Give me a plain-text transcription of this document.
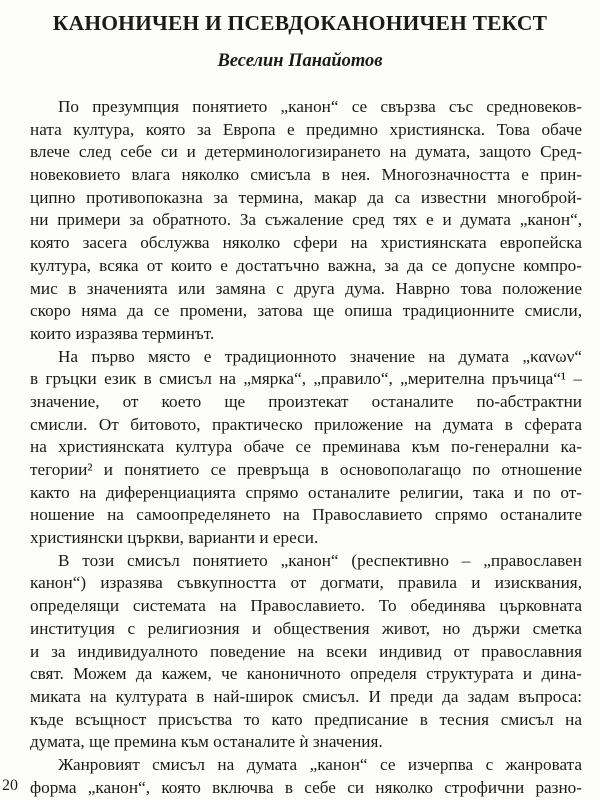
КАНОНИЧЕН И ПСЕВДОКАНОНИЧЕН ТЕКСТ
Веселин Панайотов
По презумпция понятието „канон“ се свързва със средновеков-
ната култура, която за Европа е предимно християнска. Това обаче
влече след себе си и детерминологизирането на думата, защото Сред-
новековието влага няколко смисъла в нея. Многозначността е прин-
ципно противопоказна за термина, макар да са известни многоброй-
ни примери за обратното. За съжаление сред тях е и думата „канон“,
която засега обслужва няколко сфери на християнската европейска
култура, всяка от които е достатъчно важна, за да се допусне компро-
мис в значенията или замяна с друга дума. Наврно това положение
скоро няма да се промени, затова ще опиша традиционните смисли,
които изразява терминът.
На първо място е традиционното значение на думата „κανων“
в гръцки език в смисъл на „мярка“, „правило“, „мерителна пръчица“¹ –
значение, от което ще произтекат останалите по-абстрактни
смисли. От битовото, практическо приложение на думата в сферата
на християнската култура обаче се преминава към по-генерални ка-
тегории² и понятието се превръща в основополагащо по отношение
както на диференциацията спрямо останалите религии, така и по от-
ношение на самоопределянето на Православието спрямо останалите
християнски църкви, варианти и ереси.
В този смисъл понятието „канон“ (респективно – „православен
канон“) изразява съвкупността от догмати, правила и изисквания,
определящи системата на Православието. То обединява църковната
институция с религиозния и обществения живот, но държи сметка
и за индивидуалното поведение на всеки индивид от православния
свят. Можем да кажем, че каноничното определя структурата и дина-
миката на културата в най-широк смисъл. И преди да задам въпроса:
къде всъщност присъства то като предписание в тесния смисъл на
думата, ще премина към останалите ѝ значения.
Жанровият смисъл на думата „канон“ се изчерпва с жанровата
форма „канон“, която включва в себе си няколко строфични разно-
20
